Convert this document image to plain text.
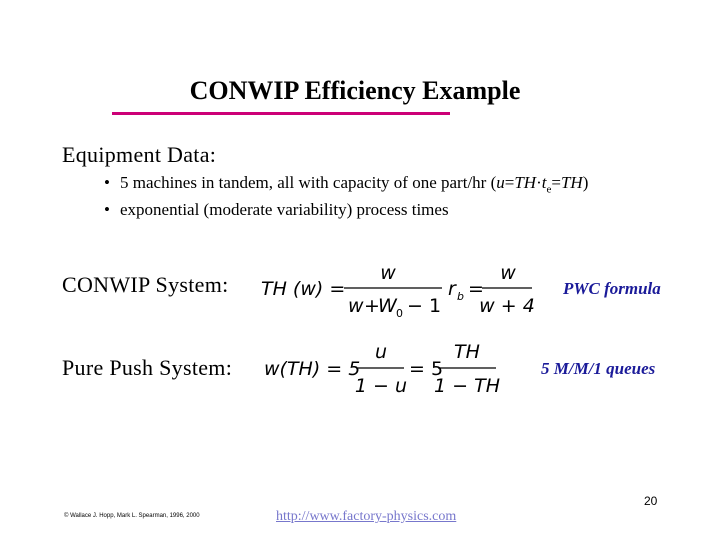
CONWIP Efficiency Example
Equipment Data:
• 5 machines in tandem, all with capacity of one part/hr $(u=TH\cdot t_e=TH)$
• exponential (moderate variability) process times
CONWIP System: TH (w) =
w
w +
W 0 − 1
r b =
w
w + 4
PWC formula
Pure Push System: w(TH) = 5
u
1 − u
= 5
TH
1 − TH
5 M/M/1 queues
© Wallace J. Hopp, Mark L. Spearman, 1996, 2000	http://www.factory-physics.com
20
